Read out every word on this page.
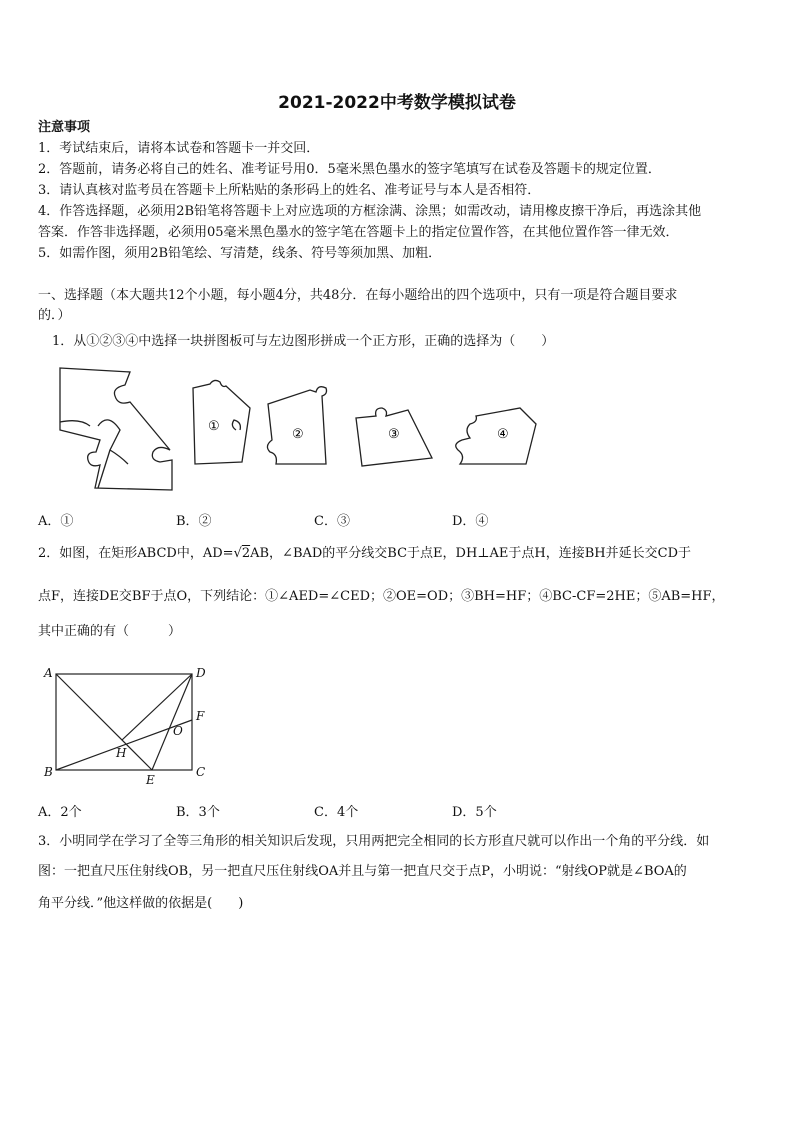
2021-2022中考数学模拟试卷
注意事项
1．考试结束后，请将本试卷和答题卡一并交回．
2．答题前，请务必将自己的姓名、准考证号用0．5毫米黑色墨水的签字笔填写在试卷及答题卡的规定位置．
3．请认真核对监考员在答题卡上所粘贴的条形码上的姓名、准考证号与本人是否相符．
4．作答选择题，必须用2B铅笔将答题卡上对应选项的方框涂满、涂黑；如需改动，请用橡皮擦干净后，再选涂其他
答案．作答非选择题，必须用05毫米黑色墨水的签字笔在答题卡上的指定位置作答，在其他位置作答一律无效．
5．如需作图，须用2B铅笔绘、写清楚，线条、符号等须加黑、加粗．
一、选择题（本大题共12个小题，每小题4分，共48分．在每小题给出的四个选项中，只有一项是符合题目要求
的．）
1．从①②③④中选择一块拼图板可与左边图形拼成一个正方形，正确的选择为（　　）
①
②	③	④
A．①	B．②	C．③	D．④
2．如图，在矩形ABCD中，AD=√2AB，∠BAD的平分线交BC于点E，DH⊥AE于点H，连接BH并延长交CD于
点F，连接DE交BF于点O，下列结论：①∠AED=∠CED；②OE=OD；③BH=HF；④BC-CF=2HE；⑤AB=HF，
其中正确的有（　　　）
A	D
B	C
E
F
H
O
A．2个	B．3个	C．4个	D．5个
3．小明同学在学习了全等三角形的相关知识后发现，只用两把完全相同的长方形直尺就可以作出一个角的平分线．如
图：一把直尺压住射线OB，另一把直尺压住射线OA并且与第一把直尺交于点P，小明说：“射线OP就是∠BOA的
角平分线．”他这样做的依据是(　　)
